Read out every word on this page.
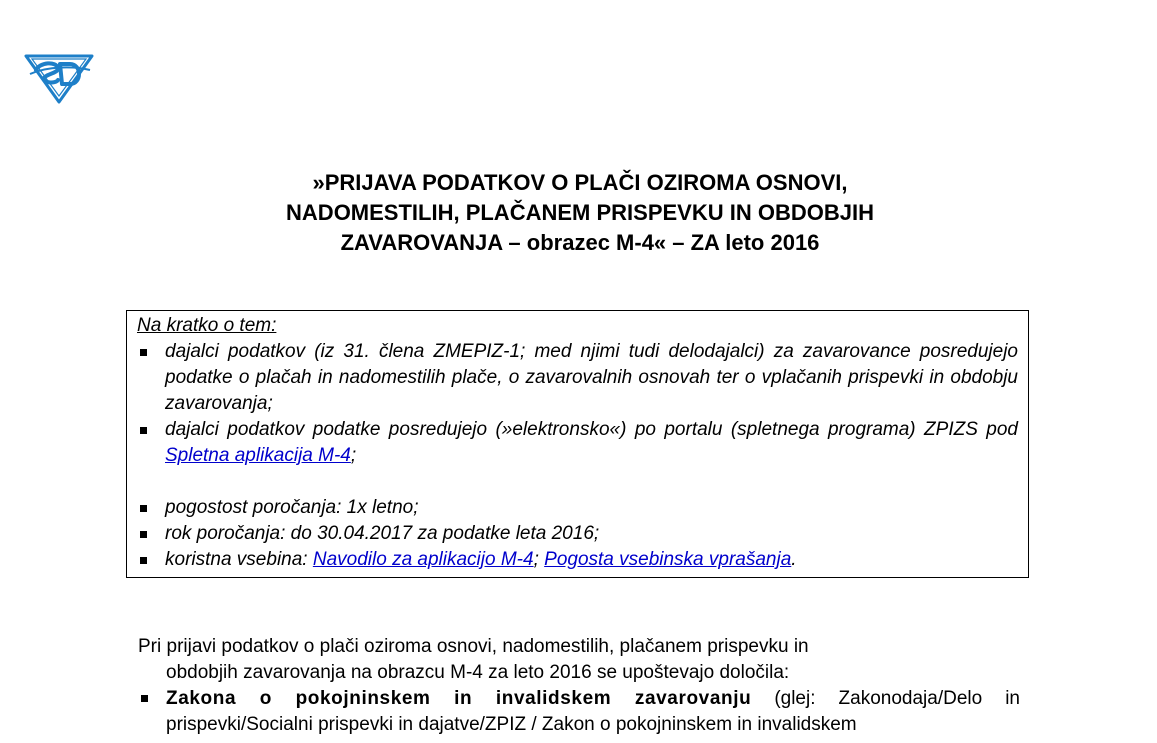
»PRIJAVA PODATKOV O PLAČI OZIROMA OSNOVI,
NADOMESTILIH, PLAČANEM PRISPEVKU IN OBDOBJIH
ZAVAROVANJA – obrazec M-4« – ZA leto 2016
Na kratko o tem:
dajalci podatkov (iz 31. člena ZMEPIZ-1; med njimi tudi delodajalci) za zavarovance posredujejo podatke o plačah in nadomestilih plače, o zavarovalnih osnovah ter o vplačanih prispevki in obdobju zavarovanja;
dajalci podatkov podatke posredujejo (»elektronsko«) po portalu (spletnega programa) ZPIZS pod Spletna aplikacija M-4;
pogostost poročanja: 1x letno;
rok poročanja: do 30.04.2017 za podatke leta 2016;
koristna vsebina: Navodilo za aplikacijo M-4; Pogosta vsebinska vprašanja.
Pri prijavi podatkov o plači oziroma osnovi, nadomestilih, plačanem prispevku in
obdobjih zavarovanja na obrazcu M-4 za leto 2016 se upoštevajo določila:
Zakona o pokojninskem in invalidskem zavarovanju (glej: Zakonodaja/Delo in prispevki/Socialni prispevki in dajatve/ZPIZ / Zakon o pokojninskem in invalidskem
